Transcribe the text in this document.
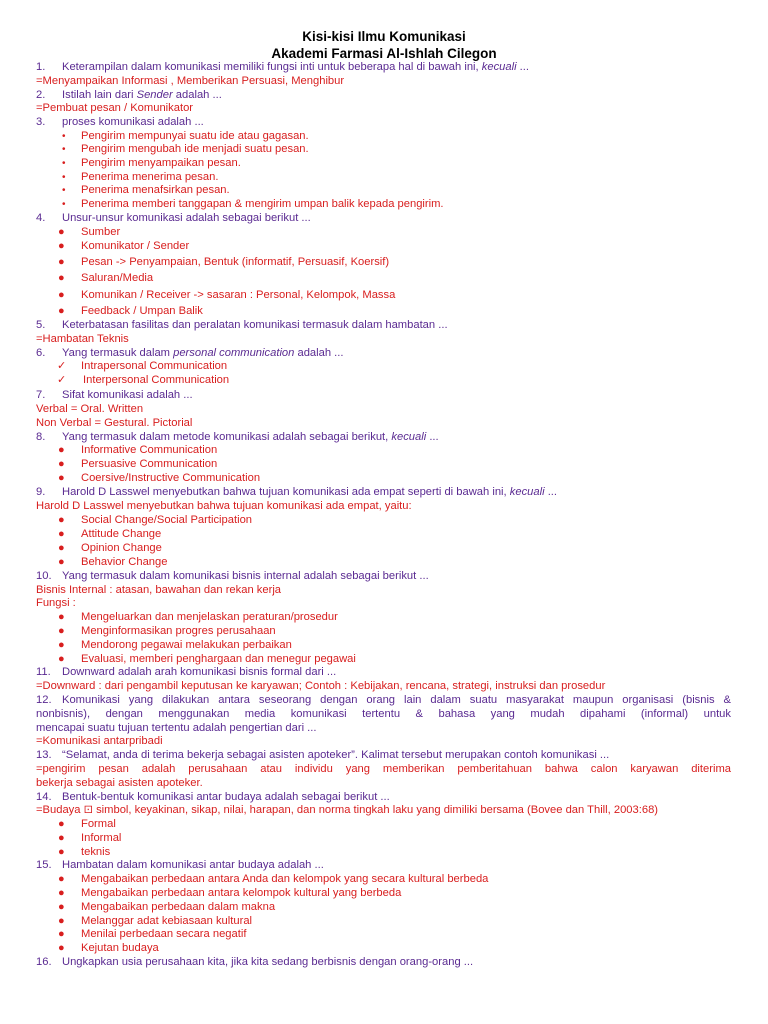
Kisi-kisi Ilmu Komunikasi
Akademi Farmasi Al-Ishlah Cilegon
1. Keterampilan dalam komunikasi memiliki fungsi inti untuk beberapa hal di bawah ini, kecuali ...
=Menyampaikan Informasi , Memberikan Persuasi, Menghibur
2. Istilah lain dari Sender adalah ...
=Pembuat pesan / Komunikator
3. proses komunikasi adalah ...
• Pengirim mempunyai suatu ide atau gagasan.
• Pengirim mengubah ide menjadi suatu pesan.
• Pengirim menyampaikan pesan.
• Penerima menerima pesan.
• Penerima menafsirkan pesan.
• Penerima memberi tanggapan & mengirim umpan balik kepada pengirim.
4. Unsur-unsur komunikasi adalah sebagai berikut ...
● Sumber
● Komunikator / Sender
● Pesan -> Penyampaian, Bentuk (informatif, Persuasif, Koersif)
● Saluran/Media
● Komunikan / Receiver -> sasaran : Personal, Kelompok, Massa
● Feedback / Umpan Balik
5. Keterbatasan fasilitas dan peralatan komunikasi termasuk dalam hambatan ...
=Hambatan Teknis
6. Yang termasuk dalam personal communication adalah ...
✓ Intrapersonal Communication
✓ Interpersonal Communication
7. Sifat komunikasi adalah ...
Verbal = Oral. Written
Non Verbal = Gestural. Pictorial
8. Yang termasuk dalam metode komunikasi adalah sebagai berikut, kecuali ...
● Informative Communication
● Persuasive Communication
● Coersive/Instructive Communication
9. Harold D Lasswel menyebutkan bahwa tujuan komunikasi ada empat seperti di bawah ini, kecuali ...
Harold D Lasswel menyebutkan bahwa tujuan komunikasi ada empat, yaitu:
● Social Change/Social Participation
● Attitude Change
● Opinion Change
● Behavior Change
10. Yang termasuk dalam komunikasi bisnis internal adalah sebagai berikut ...
Bisnis Internal : atasan, bawahan dan rekan kerja
Fungsi :
● Mengeluarkan dan menjelaskan peraturan/prosedur
● Menginformasikan progres perusahaan
● Mendorong pegawai melakukan perbaikan
● Evaluasi, memberi penghargaan dan menegur pegawai
11. Downward adalah arah komunikasi bisnis formal dari ...
=Downward : dari pengambil keputusan ke karyawan; Contoh : Kebijakan, rencana, strategi, instruksi dan prosedur
12. Komunikasi yang dilakukan antara seseorang dengan orang lain dalam suatu masyarakat maupun organisasi (bisnis &
nonbisnis), dengan menggunakan media komunikasi tertentu & bahasa yang mudah dipahami (informal) untuk
mencapai suatu tujuan tertentu adalah pengertian dari ...
=Komunikasi antarpribadi
13. “Selamat, anda di terima bekerja sebagai asisten apoteker”. Kalimat tersebut merupakan contoh komunikasi ...
=pengirim pesan adalah perusahaan atau individu yang memberikan pemberitahuan bahwa calon karyawan diterima
bekerja sebagai asisten apoteker.
14. Bentuk-bentuk komunikasi antar budaya adalah sebagai berikut ...
=Budaya ⊡ simbol, keyakinan, sikap, nilai, harapan, dan norma tingkah laku yang dimiliki bersama (Bovee dan Thill, 2003:68)
● Formal
● Informal
● teknis
15. Hambatan dalam komunikasi antar budaya adalah ...
● Mengabaikan perbedaan antara Anda dan kelompok yang secara kultural berbeda
● Mengabaikan perbedaan antara kelompok kultural yang berbeda
● Mengabaikan perbedaan dalam makna
● Melanggar adat kebiasaan kultural
● Menilai perbedaan secara negatif
● Kejutan budaya
16. Ungkapkan usia perusahaan kita, jika kita sedang berbisnis dengan orang-orang ...
